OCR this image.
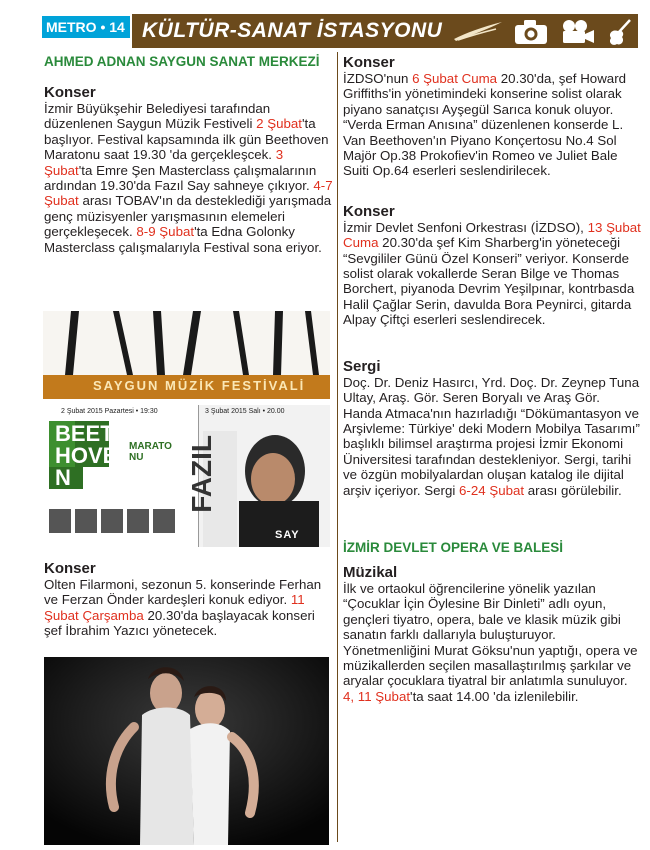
METRO • 14 KÜLTÜR-SANAT İSTASYONU
AHMED ADNAN SAYGUN SANAT MERKEZİ
Konser

İzmir Büyükşehir Belediyesi tarafından düzenlenen Saygun Müzik Festiveli 2 Şubat'ta başlıyor. Festival kapsamında ilk gün Beethoven Maratonu saat 19.30 'da gerçekleşcek. 3 Şubat'ta Emre Şen Masterclass çalışmalarının ardından 19.30'da Fazıl Say sahneye çıkıyor. 4-7 Şubat arası TOBAV'ın da desteklediği yarışmada genç müzisyenler yarışmasının elemeleri gerçekleşecek. 8-9 Şubat'ta Edna Golonky Masterclass çalışmalarıyla Festival sona eriyor.

Konser

Olten Filarmoni, sezonun 5. konserinde Ferhan ve Ferzan Önder kardeşleri konuk ediyor. 11 Şubat Çarşamba 20.30'da başlayacak konseri şef İbrahim Yazıcı yönetecek.

SAYGUN MÜZİK FESTİVALİ
2 Şubat 2015 Pazartesi • 19:30	3 Şubat 2015 Salı • 20.00
BEETHOVEN
MARATONU	FAZIL
SAY
Konser

İZDSO'nun 6 Şubat Cuma 20.30'da, şef Howard Griffiths'in yönetimindeki konserine solist olarak piyano sanatçısı Ayşegül Sarıca konuk oluyor. “Verda Erman Anısına” düzenlenen konserde L. Van Beethoven'ın Piyano Konçertosu No.4 Sol Majör Op.38 Prokofiev'in Romeo ve Juliet Bale Suiti Op.64 eserleri seslendirilecek.

Konser

İzmir Devlet Senfoni Orkestrası (İZDSO), 13 Şubat Cuma 20.30'da şef Kim Sharberg'in yöneteceği “Sevgililer Günü Özel Konseri” veriyor. Konserde solist olarak vokallerde Seran Bilge ve Thomas Borchert, piyanoda Devrim Yeşilpınar, kontrbasda Halil Çağlar Serin, davulda Bora Peynirci, gitarda Alpay Çiftçi eserleri seslendirecek.

Sergi

Doç. Dr. Deniz Hasırcı, Yrd. Doç. Dr. Zeynep Tuna Ultay, Araş. Gör. Seren Boryalı ve Araş Gör. Handa Atmaca'nın hazırladığı “Dökümantasyon ve Arşivleme: Türkiye' deki Modern Mobilya Tasarımı” başlıklı bilimsel araştırma projesi İzmir Ekonomi Üniversitesi tarafından destekleniyor. Sergi, tarihi ve özgün mobilyalardan oluşan katalog ile dijital arşiv içeriyor. Sergi 6-24 Şubat arası görülebilir.

İZMİR DEVLET OPERA VE BALESİ
Müzikal

İlk ve ortaokul öğrencilerine yönelik yazılan “Çocuklar İçin Öylesine Bir Dinleti” adlı oyun, gençleri tiyatro, opera, bale ve klasik müzik gibi sanatın farklı dallarıyla buluşturuyor. Yönetmenliğini Murat Göksu'nun yaptığı, opera ve müzikallerden seçilen masallaştırılmış şarkılar ve aryalar çocuklara tiyatral bir anlatımla sunuluyor. 4, 11 Şubat'ta saat 14.00 'da izlenilebilir.
